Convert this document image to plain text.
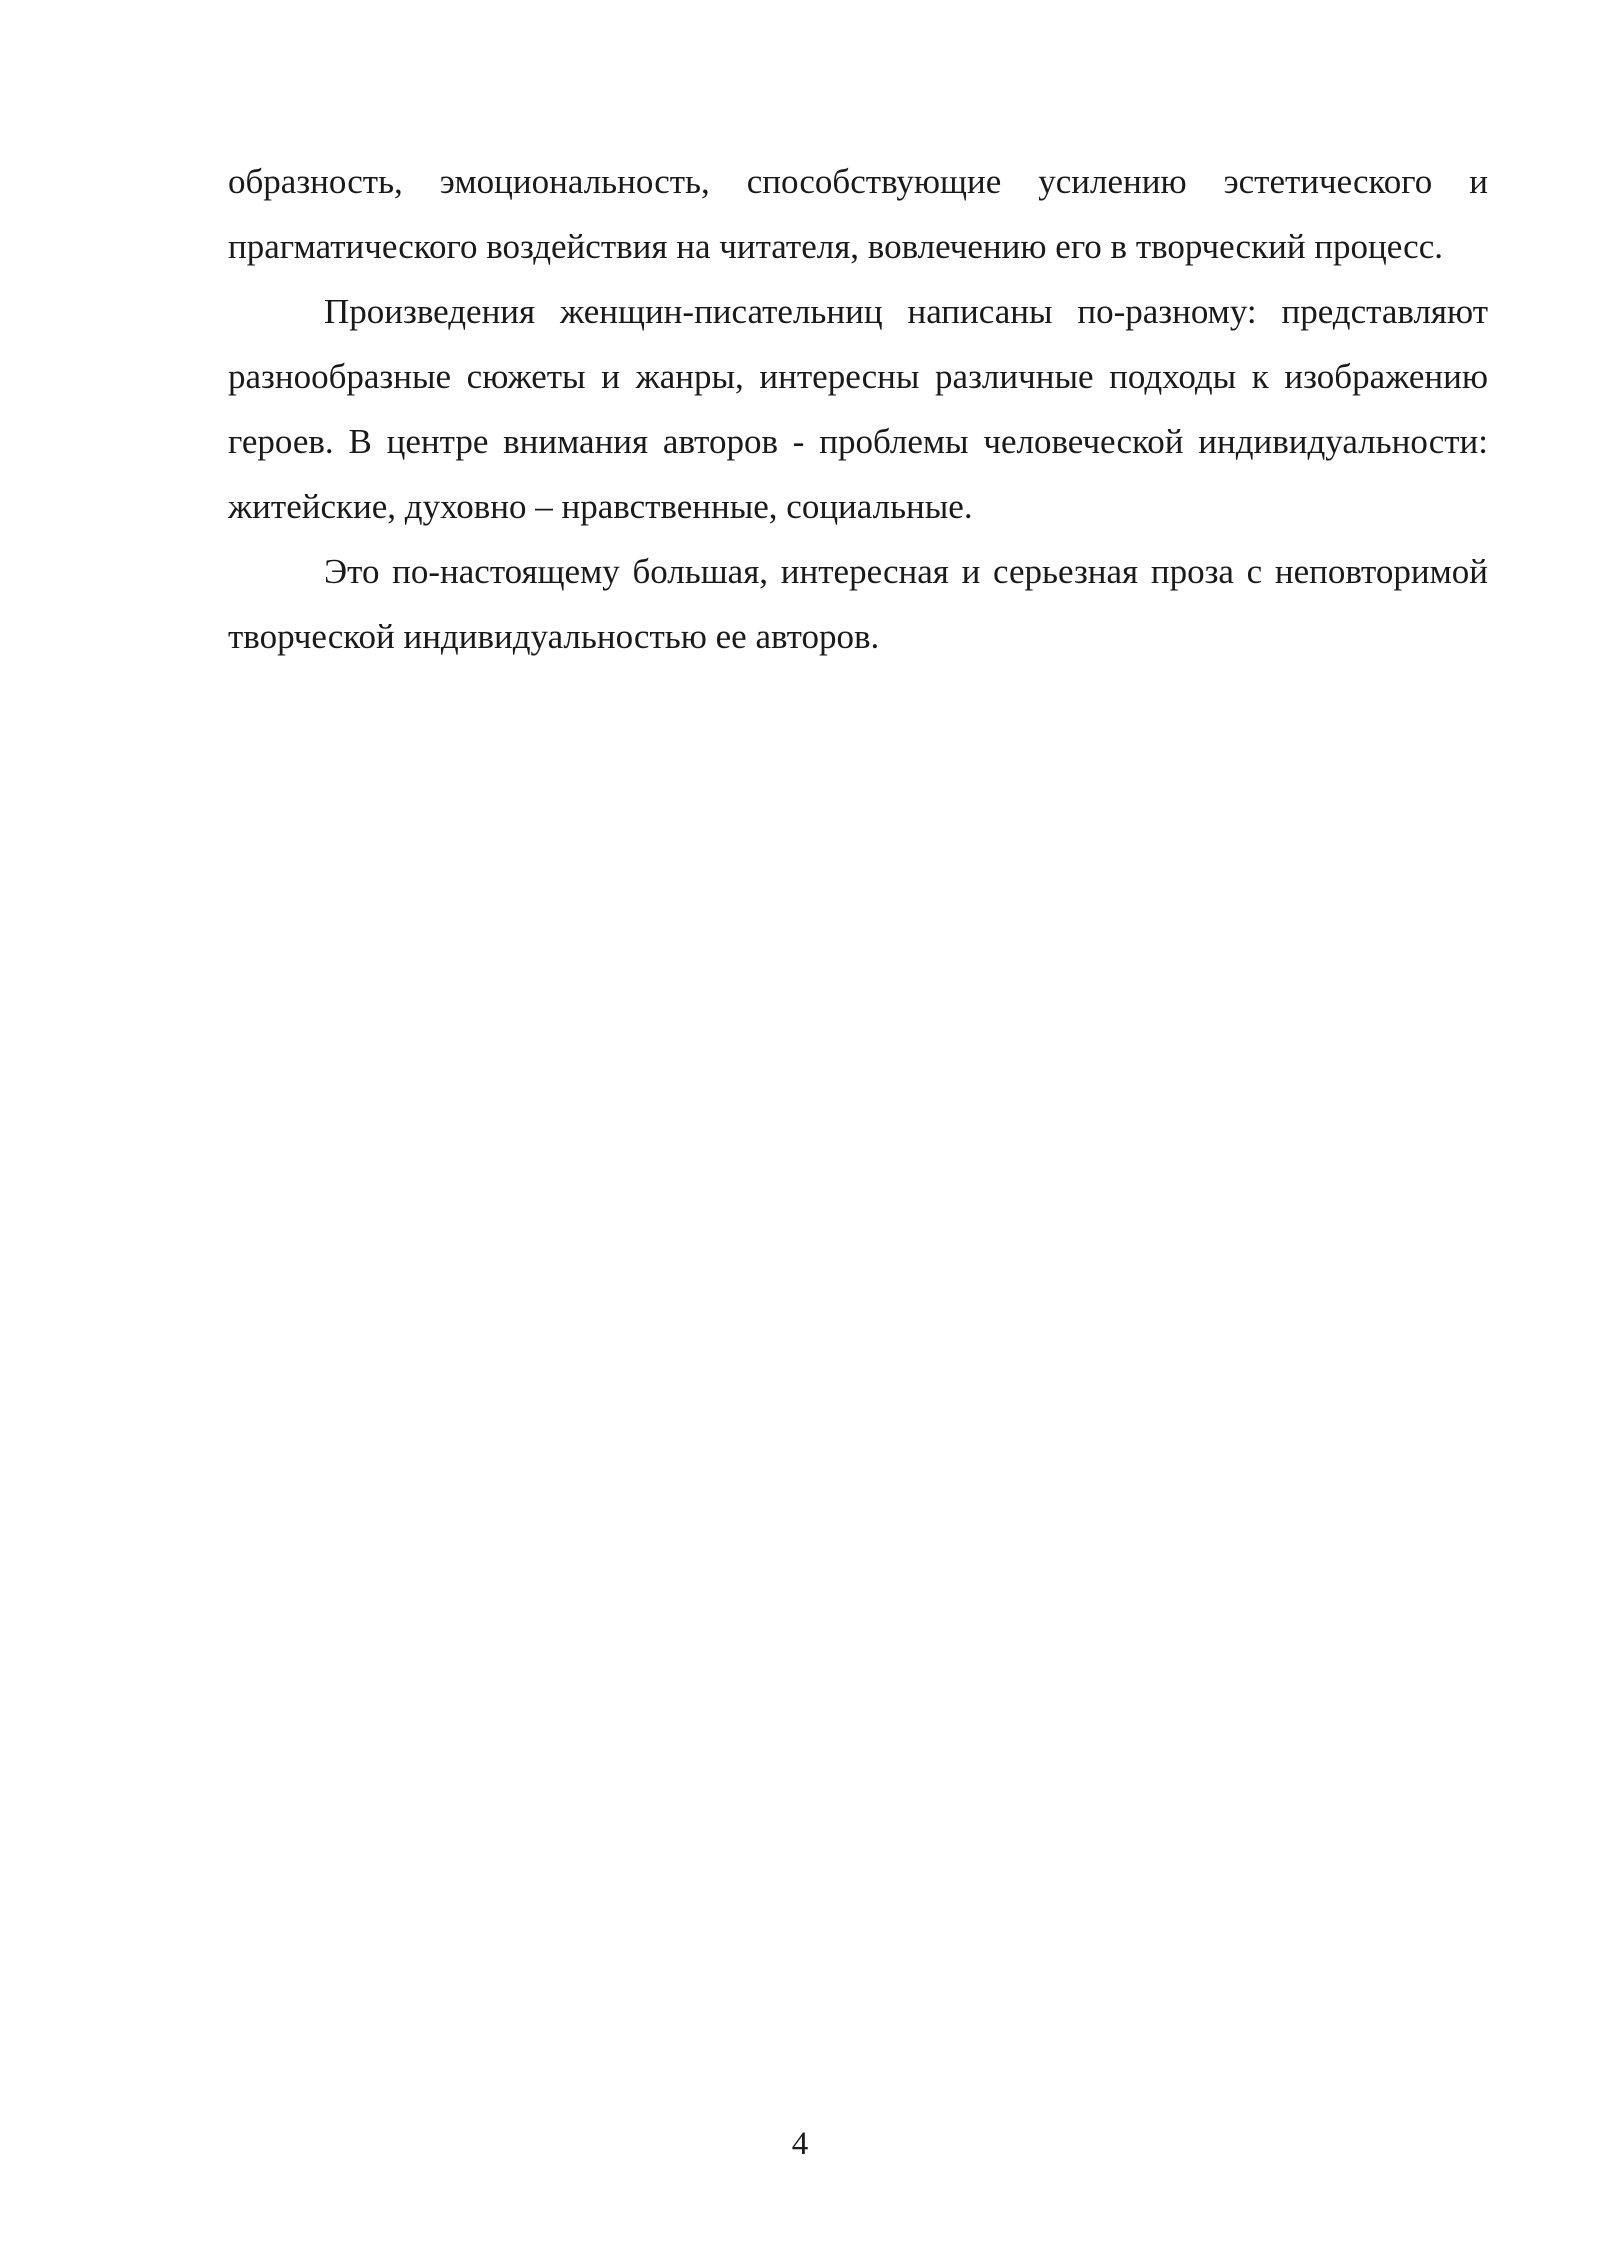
образность, эмоциональность, способствующие усилению эстетического и прагматического воздействия на читателя, вовлечению его в творческий процесс.

Произведения женщин-писательниц написаны по-разному: представляют разнообразные сюжеты и жанры, интересны различные подходы к изображению героев. В центре внимания авторов - проблемы человеческой индивидуальности: житейские, духовно – нравственные, социальные.

Это по-настоящему большая, интересная и серьезная проза с неповторимой творческой индивидуальностью ее авторов.

4
